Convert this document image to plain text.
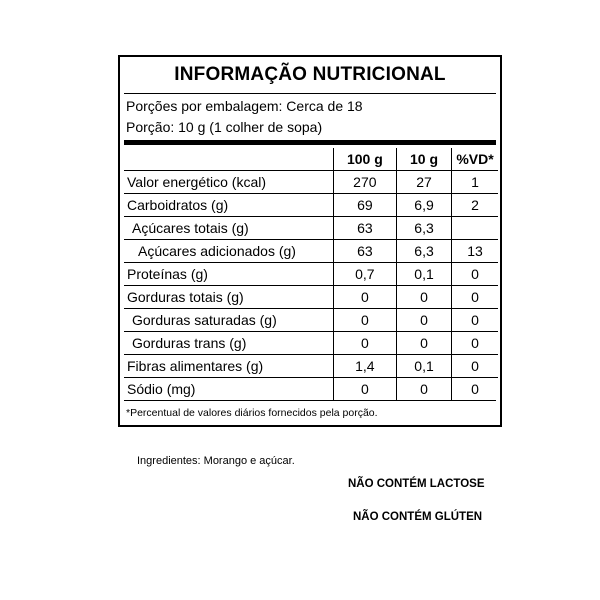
INFORMAÇÃO NUTRICIONAL
Porções por embalagem: Cerca de 18
Porção: 10 g (1 colher de sopa)
	100 g	10 g	%VD*
Valor energético (kcal)	270	27	1
Carboidratos (g)	69	6,9	2
Açúcares totais (g)	63	6,3	
Açúcares adicionados (g)	63	6,3	13
Proteínas (g)	0,7	0,1	0
Gorduras totais (g)	0	0	0
Gorduras saturadas (g)	0	0	0
Gorduras trans (g)	0	0	0
Fibras alimentares (g)	1,4	0,1	0
Sódio (mg)	0	0	0
*Percentual de valores diários fornecidos pela porção.
Ingredientes: Morango e açúcar.
NÃO CONTÉM LACTOSE
NÃO CONTÉM GLÚTEN
